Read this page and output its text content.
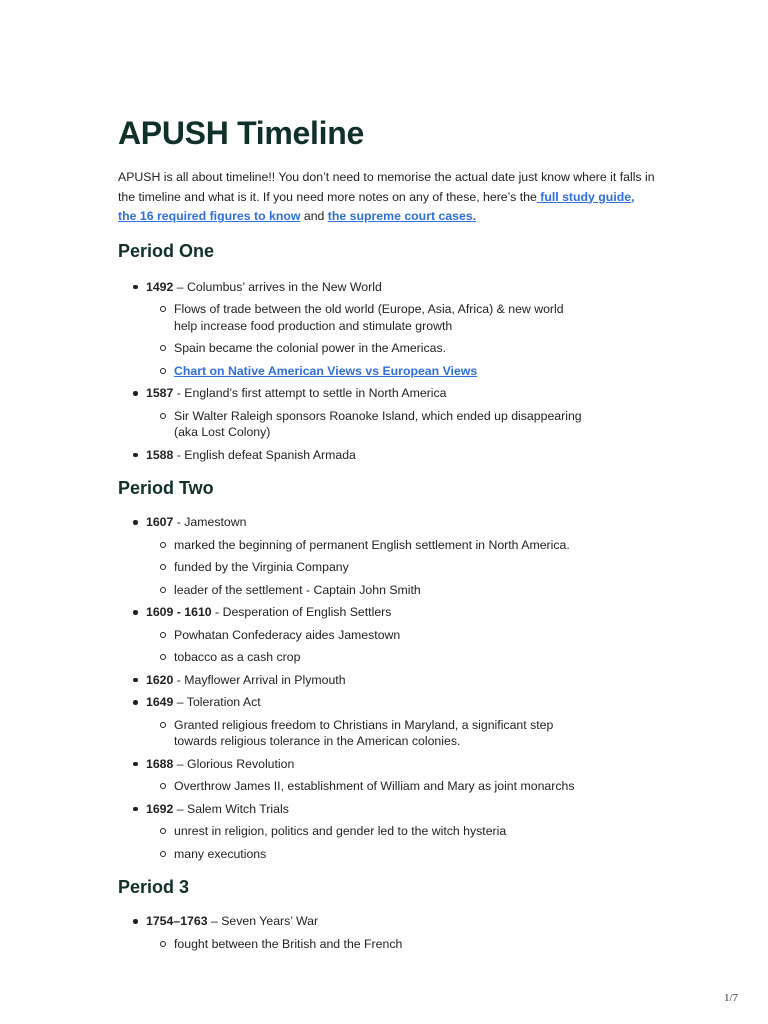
APUSH Timeline

APUSH is all about timeline!! You don’t need to memorise the actual date just know where it falls in the timeline and what is it. If you need more notes on any of these, here’s the full study guide,
the 16 required figures to know and the supreme court cases.

Period One
1492 – Columbus’ arrives in the New World
Flows of trade between the old world (Europe, Asia, Africa) & new world help increase food production and stimulate growth
Spain became the colonial power in the Americas.
Chart on Native American Views vs European Views
1587 - England’s first attempt to settle in North America
Sir Walter Raleigh sponsors Roanoke Island, which ended up disappearing (aka Lost Colony)
1588 - English defeat Spanish Armada
Period Two
1607 - Jamestown
marked the beginning of permanent English settlement in North America.
funded by the Virginia Company
leader of the settlement - Captain John Smith
1609 - 1610 - Desperation of English Settlers
Powhatan Confederacy aides Jamestown
tobacco as a cash crop
1620 - Mayflower Arrival in Plymouth
1649 – Toleration Act
Granted religious freedom to Christians in Maryland, a significant step towards religious tolerance in the American colonies.
1688 – Glorious Revolution
Overthrow James II, establishment of William and Mary as joint monarchs
1692 – Salem Witch Trials
unrest in religion, politics and gender led to the witch hysteria
many executions
Period 3
1754–1763 – Seven Years’ War
fought between the British and the French
1/7
